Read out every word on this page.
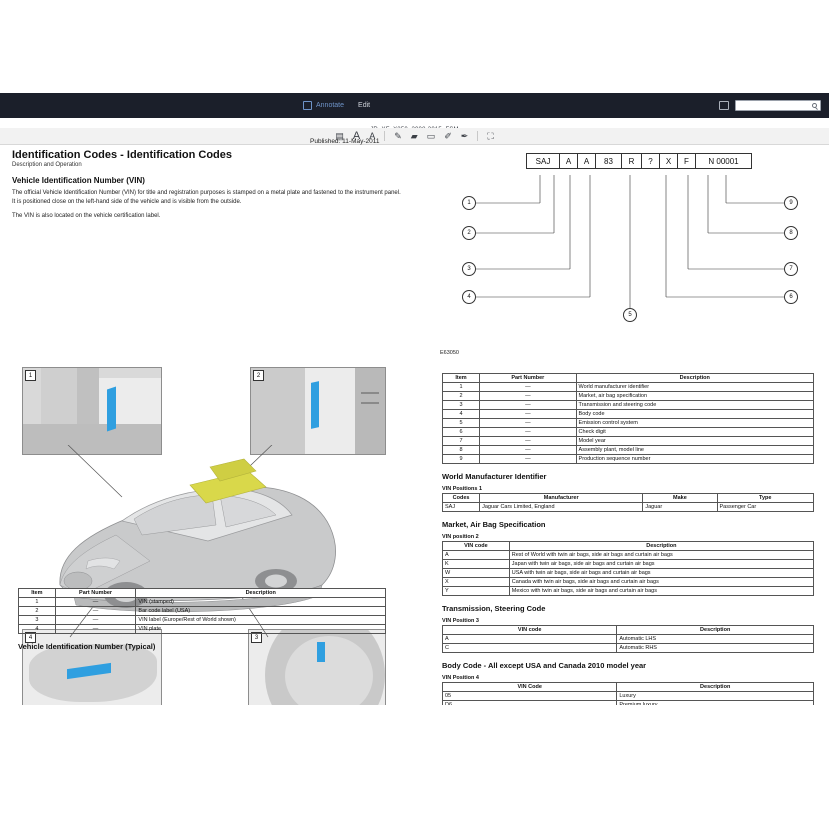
Annotate Edit
▤ A A ✎ ▰ ▭ ✐ ✒ ⛶
Published: 11-May-2011
Identification Codes - Identification Codes
Description and Operation
Vehicle Identification Number (VIN)

The official Vehicle Identification Number (VIN) for title and registration purposes is stamped on a metal plate and fastened to the instrument panel. It is positioned close on the left-hand side of the vehicle and is visible from the outside.

The VIN is also located on the vehicle certification label.

1	2
4	3
Item	Part Number	Description
1	—	VIN (stamped)
2	—	Bar code label (USA)
3	—	VIN label (Europe/Rest of World shown)
4	—	VIN plate
Vehicle Identification Number (Typical)
SAJ	A	A	83	R	?	X	F	N 00001
1
2
3
4
9
8
7
6
5
E63050
Item	Part Number	Description
1	—	World manufacturer identifier
2	—	Market, air bag specification
3	—	Transmission and steering code
4	—	Body code
5	—	Emission control system
6	—	Check digit
7	—	Model year
8	—	Assembly plant, model line
9	—	Production sequence number
World Manufacturer Identifier
VIN Positions 1
Codes	Manufacturer	Make	Type
SAJ	Jaguar Cars Limited, England	Jaguar	Passenger Car
Market, Air Bag Specification
VIN position 2
VIN code	Description
A	Rest of World with twin air bags, side air bags and curtain air bags
K	Japan with twin air bags, side air bags and curtain air bags
W	USA with twin air bags, side air bags and curtain air bags
X	Canada with twin air bags, side air bags and curtain air bags
Y	Mexico with twin air bags, side air bags and curtain air bags
Transmission, Steering Code
VIN Position 3
VIN code	Description
A	Automatic LHS
C	Automatic RHS
Body Code - All except USA and Canada 2010 model year
VIN Position 4
VIN Code	Description
05	Luxury
